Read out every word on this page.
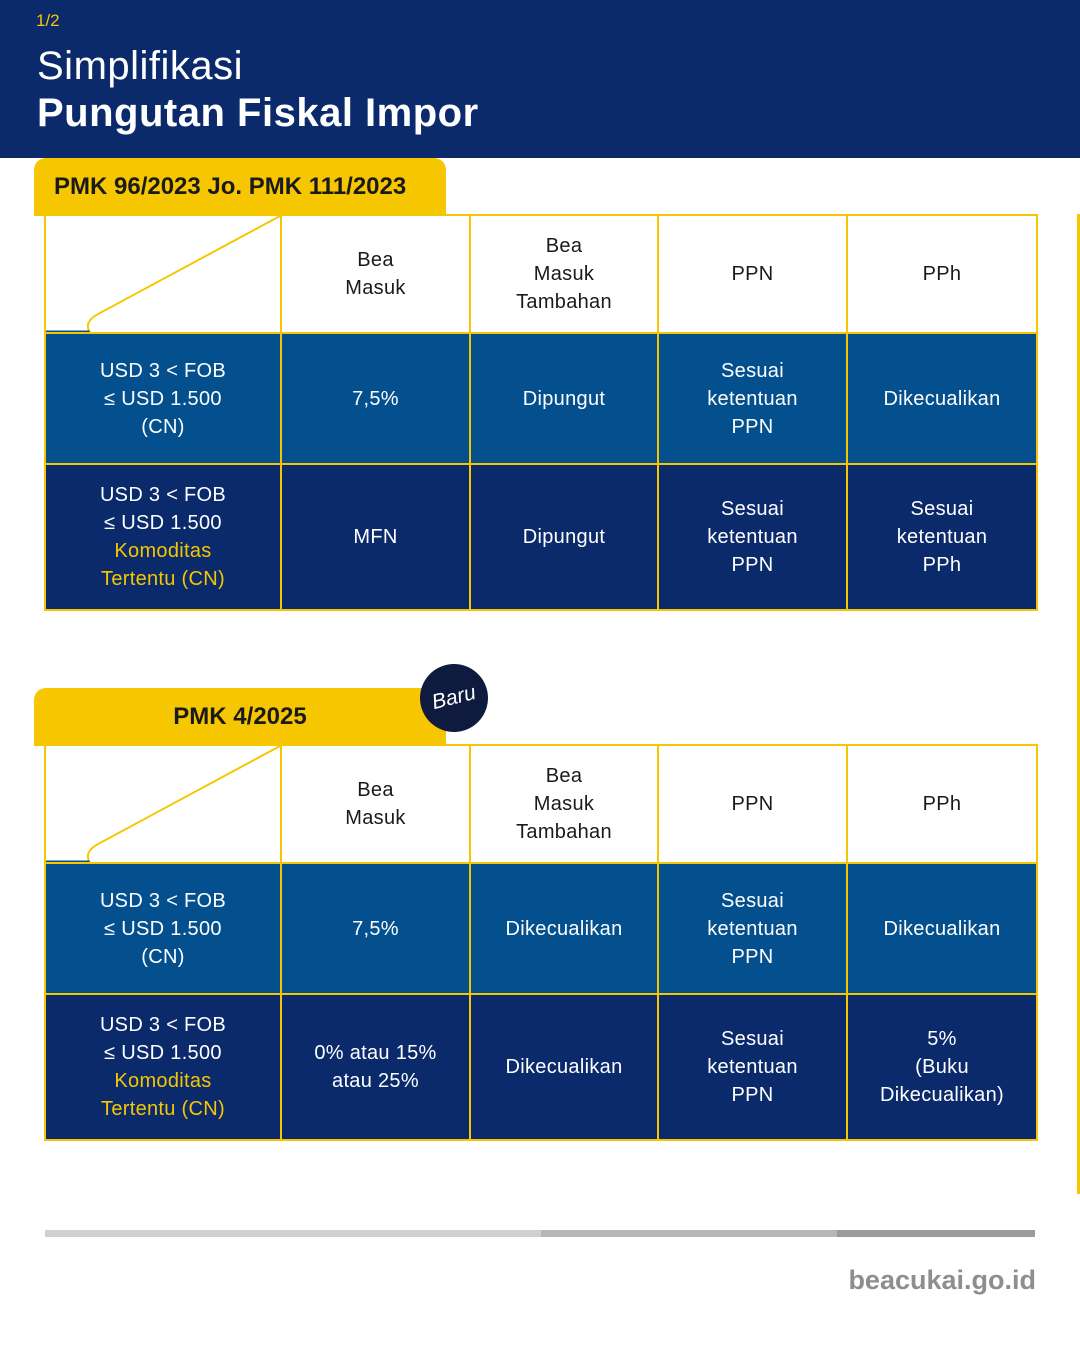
1/2
Simplifikasi
Pungutan Fiskal Impor
PMK 96/2023 Jo. PMK 111/2023

	Bea
Masuk	Bea
Masuk
Tambahan	PPN	PPh
USD 3 < FOB
≤ USD 1.500
(CN)	7,5%	Dipungut	Sesuai
ketentuan
PPN	Dikecualikan
USD 3 < FOB
≤ USD 1.500
Komoditas
Tertentu (CN)	MFN	Dipungut	Sesuai
ketentuan
PPN	Sesuai
ketentuan
PPh
PMK 4/2025
Baru

	Bea
Masuk	Bea
Masuk
Tambahan	PPN	PPh
USD 3 < FOB
≤ USD 1.500
(CN)	7,5%	Dikecualikan	Sesuai
ketentuan
PPN	Dikecualikan
USD 3 < FOB
≤ USD 1.500
Komoditas
Tertentu (CN)	0% atau 15%
atau 25%	Dikecualikan	Sesuai
ketentuan
PPN	5%
(Buku
Dikecualikan)
beacukai.go.id
